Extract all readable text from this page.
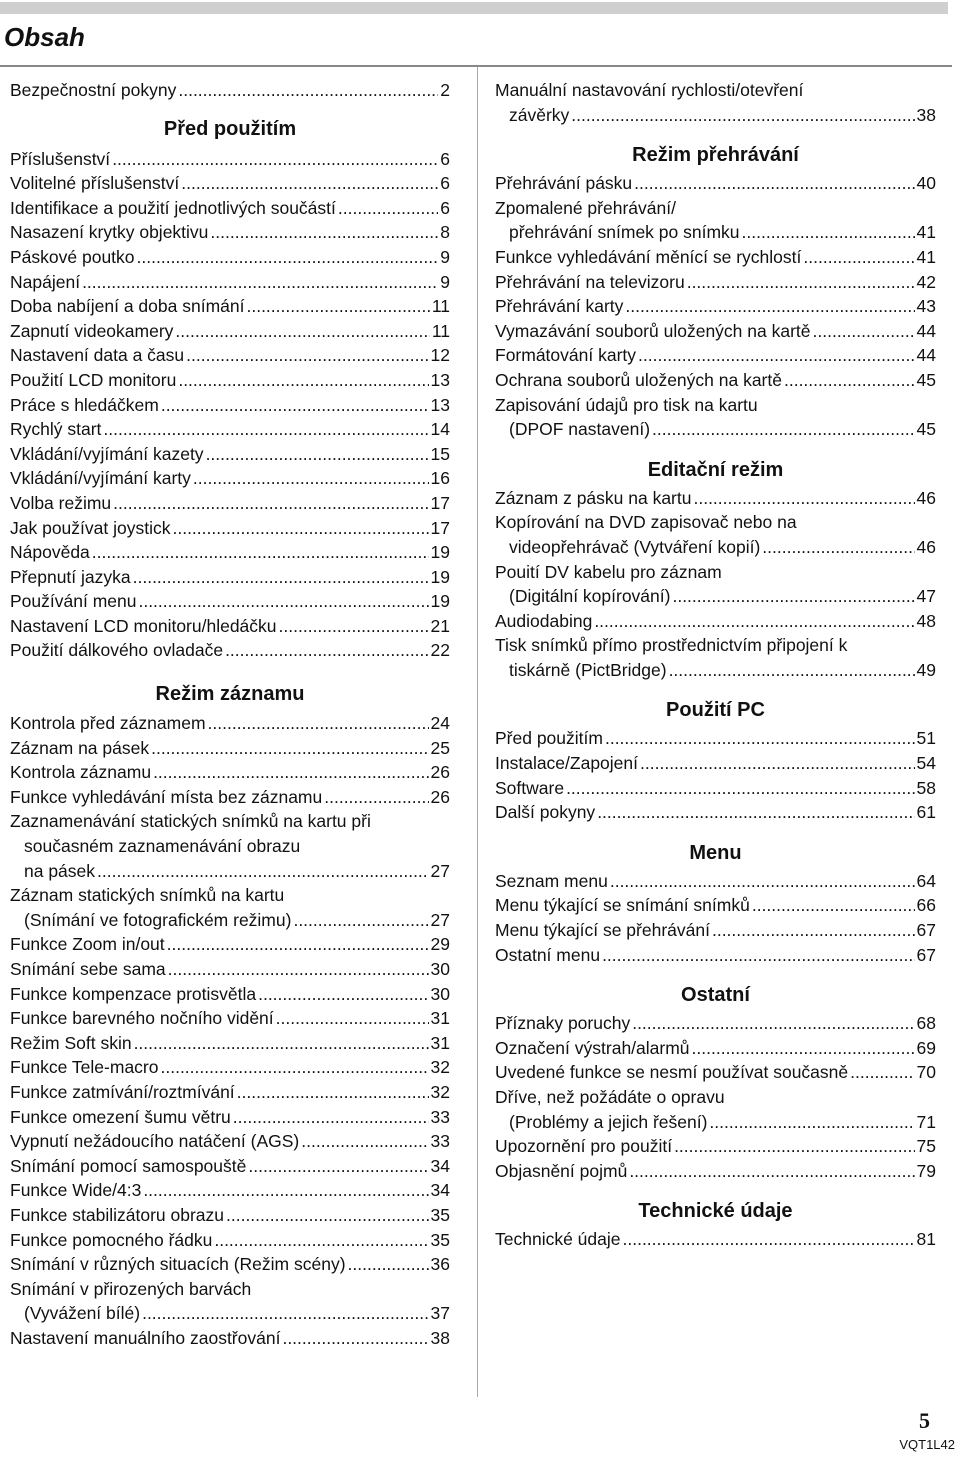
Obsah
Bezpečnostní pokyny .....	2
Před použitím
Příslušenství .....	6
Volitelné příslušenství .....	6
Identifikace a použití jednotlivých součástí .....	6
Nasazení krytky objektivu .....	8
Páskové poutko .....	9
Napájení .....	9
Doba nabíjení a doba snímání .....	11
Zapnutí videokamery .....	11
Nastavení data a času .....	12
Použití LCD monitoru .....	13
Práce s hledáčkem .....	13
Rychlý start .....	14
Vkládání/vyjímání kazety .....	15
Vkládání/vyjímání karty .....	16
Volba režimu .....	17
Jak používat joystick .....	17
Nápověda .....	19
Přepnutí jazyka .....	19
Používání menu .....	19
Nastavení LCD monitoru/hledáčku .....	21
Použití dálkového ovladače .....	22
Režim záznamu
Kontrola před záznamem .....	24
Záznam na pásek .....	25
Kontrola záznamu .....	26
Funkce vyhledávání místa bez záznamu .....	26
Zaznamenávání statických snímků na kartu při
současném zaznamenávání obrazu
na pásek .....	27
Záznam statických snímků na kartu
(Snímání ve fotografickém režimu) .....	27
Funkce Zoom in/out .....	29
Snímání sebe sama .....	30
Funkce kompenzace protisvětla .....	30
Funkce barevného nočního vidění .....	31
Režim Soft skin .....	31
Funkce Tele-macro .....	32
Funkce zatmívání/roztmívání .....	32
Funkce omezení šumu větru .....	33
Vypnutí nežádoucího natáčení (AGS) .....	33
Snímání pomocí samospouště .....	34
Funkce Wide/4:3 .....	34
Funkce stabilizátoru obrazu .....	35
Funkce pomocného řádku .....	35
Snímání v různých situacích (Režim scény) .....	36
Snímání v přirozených barvách
(Vyvážení bílé) .....	37
Nastavení manuálního zaostřování .....	38
Manuální nastavování rychlosti/otevření
závěrky .....	38
Režim přehrávání
Přehrávání pásku .....	40
Zpomalené přehrávání/
přehrávání snímek po snímku .....	41
Funkce vyhledávání měnící se rychlostí .....	41
Přehrávání na televizoru .....	42
Přehrávání karty .....	43
Vymazávání souborů uložených na kartě .....	44
Formátování karty .....	44
Ochrana souborů uložených na kartě .....	45
Zapisování údajů pro tisk na kartu
(DPOF nastavení) .....	45
Editační režim
Záznam z pásku na kartu .....	46
Kopírování na DVD zapisovač nebo na
videopřehrávač (Vytváření kopií) .....	46
Pouití DV kabelu pro záznam
(Digitální kopírování) .....	47
Audiodabing .....	48
Tisk snímků přímo prostřednictvím připojení k
tiskárně (PictBridge) .....	49
Použití PC
Před použitím .....	51
Instalace/Zapojení .....	54
Software .....	58
Další pokyny .....	61
Menu
Seznam menu .....	64
Menu týkající se snímání snímků .....	66
Menu týkající se přehrávání .....	67
Ostatní menu .....	67
Ostatní
Příznaky poruchy .....	68
Označení výstrah/alarmů .....	69
Uvedené funkce se nesmí používat současně .....	70
Dříve, než požádáte o opravu
(Problémy a jejich řešení) .....	71
Upozornění pro použití .....	75
Objasnění pojmů .....	79
Technické údaje
Technické údaje .....	81
5
VQT1L42
